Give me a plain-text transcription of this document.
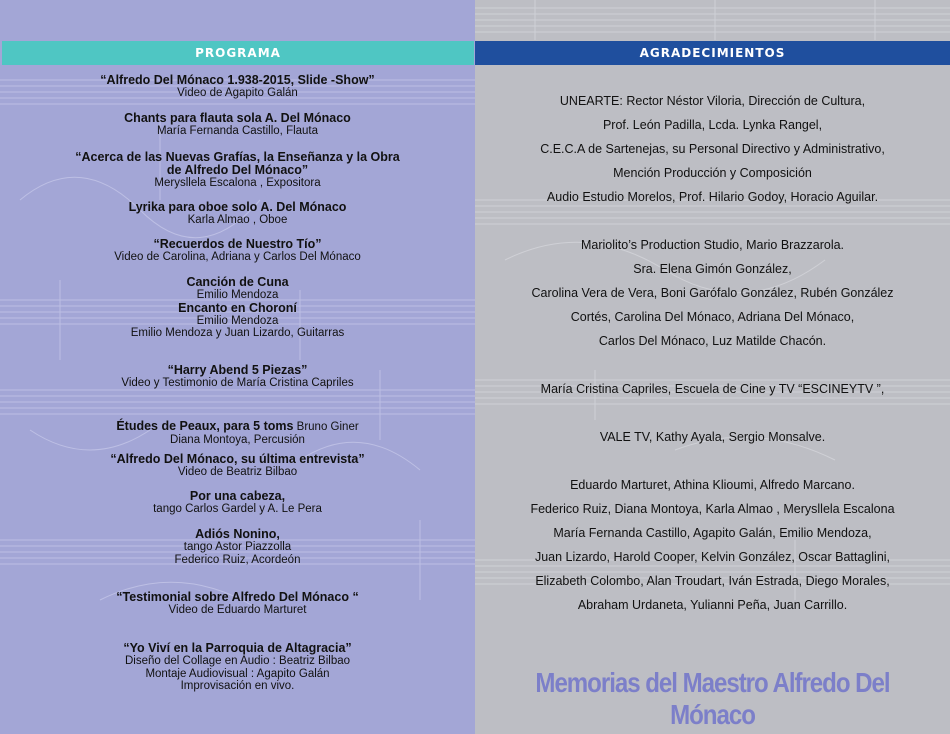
PROGRAMA	AGRADECIMIENTOS
“Alfredo Del Mónaco 1.938-2015, Slide -Show”
Video de Agapito Galán
Chants para flauta sola A. Del Mónaco
María Fernanda Castillo, Flauta
“Acerca de las Nuevas Grafías, la Enseñanza y la Obra
de Alfredo Del Mónaco”
Merysllela Escalona , Expositora
Lyrika para oboe solo A. Del Mónaco
Karla Almao , Oboe
“Recuerdos de Nuestro Tío”
Video de Carolina, Adriana y Carlos Del Mónaco
Canción de Cuna
Emilio Mendoza
Encanto en Choroní
Emilio Mendoza
Emilio Mendoza y Juan Lizardo, Guitarras
“Harry Abend 5 Piezas”
Video y Testimonio de María Cristina Capriles
Études de Peaux, para 5 toms Bruno Giner
Diana Montoya, Percusión
“Alfredo Del Mónaco, su última entrevista”
Video de Beatriz Bilbao
Por una cabeza,
tango Carlos Gardel y A. Le Pera
Adiós Nonino,
tango Astor Piazzolla
Federico Ruiz, Acordeón
“Testimonial sobre Alfredo Del Mónaco “
Video de Eduardo Marturet
“Yo Viví en la Parroquia de Altagracia”
Diseño del Collage en Audio : Beatriz Bilbao
Montaje Audiovisual : Agapito Galán
Improvisación en vivo.
UNEARTE: Rector Néstor Viloria, Dirección de Cultura,
Prof. León Padilla, Lcda. Lynka Rangel,
C.E.C.A de Sartenejas, su Personal Directivo y Administrativo,
Mención Producción y Composición
Audio Estudio Morelos, Prof. Hilario Godoy, Horacio Aguilar.
Mariolito’s Production Studio, Mario Brazzarola.
Sra. Elena Gimón González,
Carolina Vera de Vera, Boni Garófalo González, Rubén González
Cortés, Carolina Del Mónaco, Adriana Del Mónaco,
Carlos Del Mónaco, Luz Matilde Chacón.
María Cristina Capriles, Escuela de Cine y TV “ESCINEYTV ”,
VALE TV, Kathy Ayala, Sergio Monsalve.
Eduardo Marturet, Athina Klioumi, Alfredo Marcano.
Federico Ruiz, Diana Montoya, Karla Almao , Merysllela Escalona
María Fernanda Castillo, Agapito Galán, Emilio Mendoza,
Juan Lizardo, Harold Cooper, Kelvin González, Oscar Battaglini,
Elizabeth Colombo, Alan Troudart, Iván Estrada, Diego Morales,
Abraham Urdaneta, Yulianni Peña, Juan Carrillo.
Memorias del Maestro Alfredo Del Mónaco
